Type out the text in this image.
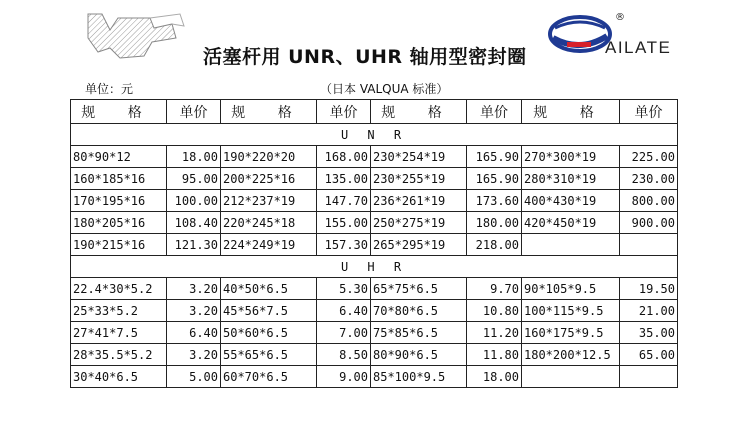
活塞杆用 UNR、UHR 轴用型密封圈
®
AILATE
单位：元	（日本 VALQUA 标准）
规 格	单价	规 格	单价	规 格	单价	规 格	单价
U N R							
80*90*12	18.00	190*220*20	168.00	230*254*19	165.90	270*300*19	225.00
160*185*16	95.00	200*225*16	135.00	230*255*19	165.90	280*310*19	230.00
170*195*16	100.00	212*237*19	147.70	236*261*19	173.60	400*430*19	800.00
180*205*16	108.40	220*245*18	155.00	250*275*19	180.00	420*450*19	900.00
190*215*16	121.30	224*249*19	157.30	265*295*19	218.00		
U H R							
22.4*30*5.2	3.20	40*50*6.5	5.30	65*75*6.5	9.70	90*105*9.5	19.50
25*33*5.2	3.20	45*56*7.5	6.40	70*80*6.5	10.80	100*115*9.5	21.00
27*41*7.5	6.40	50*60*6.5	7.00	75*85*6.5	11.20	160*175*9.5	35.00
28*35.5*5.2	3.20	55*65*6.5	8.50	80*90*6.5	11.80	180*200*12.5	65.00
30*40*6.5	5.00	60*70*6.5	9.00	85*100*9.5	18.00		
